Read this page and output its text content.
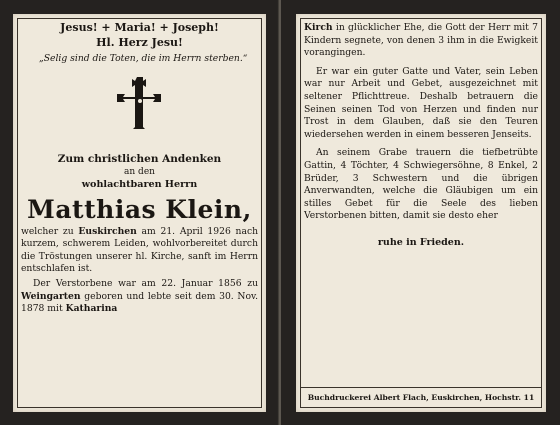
Jesus! + Maria! + Joseph!
Hl. Herz Jesu!
„Selig sind die Toten, die im Herrn sterben.“
Zum christlichen Andenken
an den
wohlachtbaren Herrn
Matthias Klein,
welcher zu Euskirchen am 21. April 1926 nach kurzem, schwerem Leiden, wohlvorbereitet durch die Tröstungen unserer hl. Kirche, sanft im Herrn entschlafen ist.
Der Verstorbene war am 22. Januar 1856 zu Weingarten geboren und lebte seit dem 30. Nov. 1878 mit Katharina
Kirch in glücklicher Ehe, die Gott der Herr mit 7 Kindern segnete, von denen 3 ihm in die Ewigkeit vorangingen.
Er war ein guter Gatte und Vater, sein Leben war nur Arbeit und Gebet, ausgezeichnet mit seltener Pflichttreue. Deshalb betrauern die Seinen seinen Tod von Herzen und finden nur Trost in dem Glauben, daß sie den Teuren wiedersehen werden in einem besseren Jenseits.
An seinem Grabe trauern die tiefbetrübte Gattin, 4 Töchter, 4 Schwiegersöhne, 8 Enkel, 2 Brüder, 3 Schwestern und die übrigen Anverwandten, welche die Gläubigen um ein stilles Gebet für die Seele des lieben Verstorbenen bitten, damit sie desto eher
ruhe in Frieden.
Buchdruckerei Albert Flach, Euskirchen, Hochstr. 11
